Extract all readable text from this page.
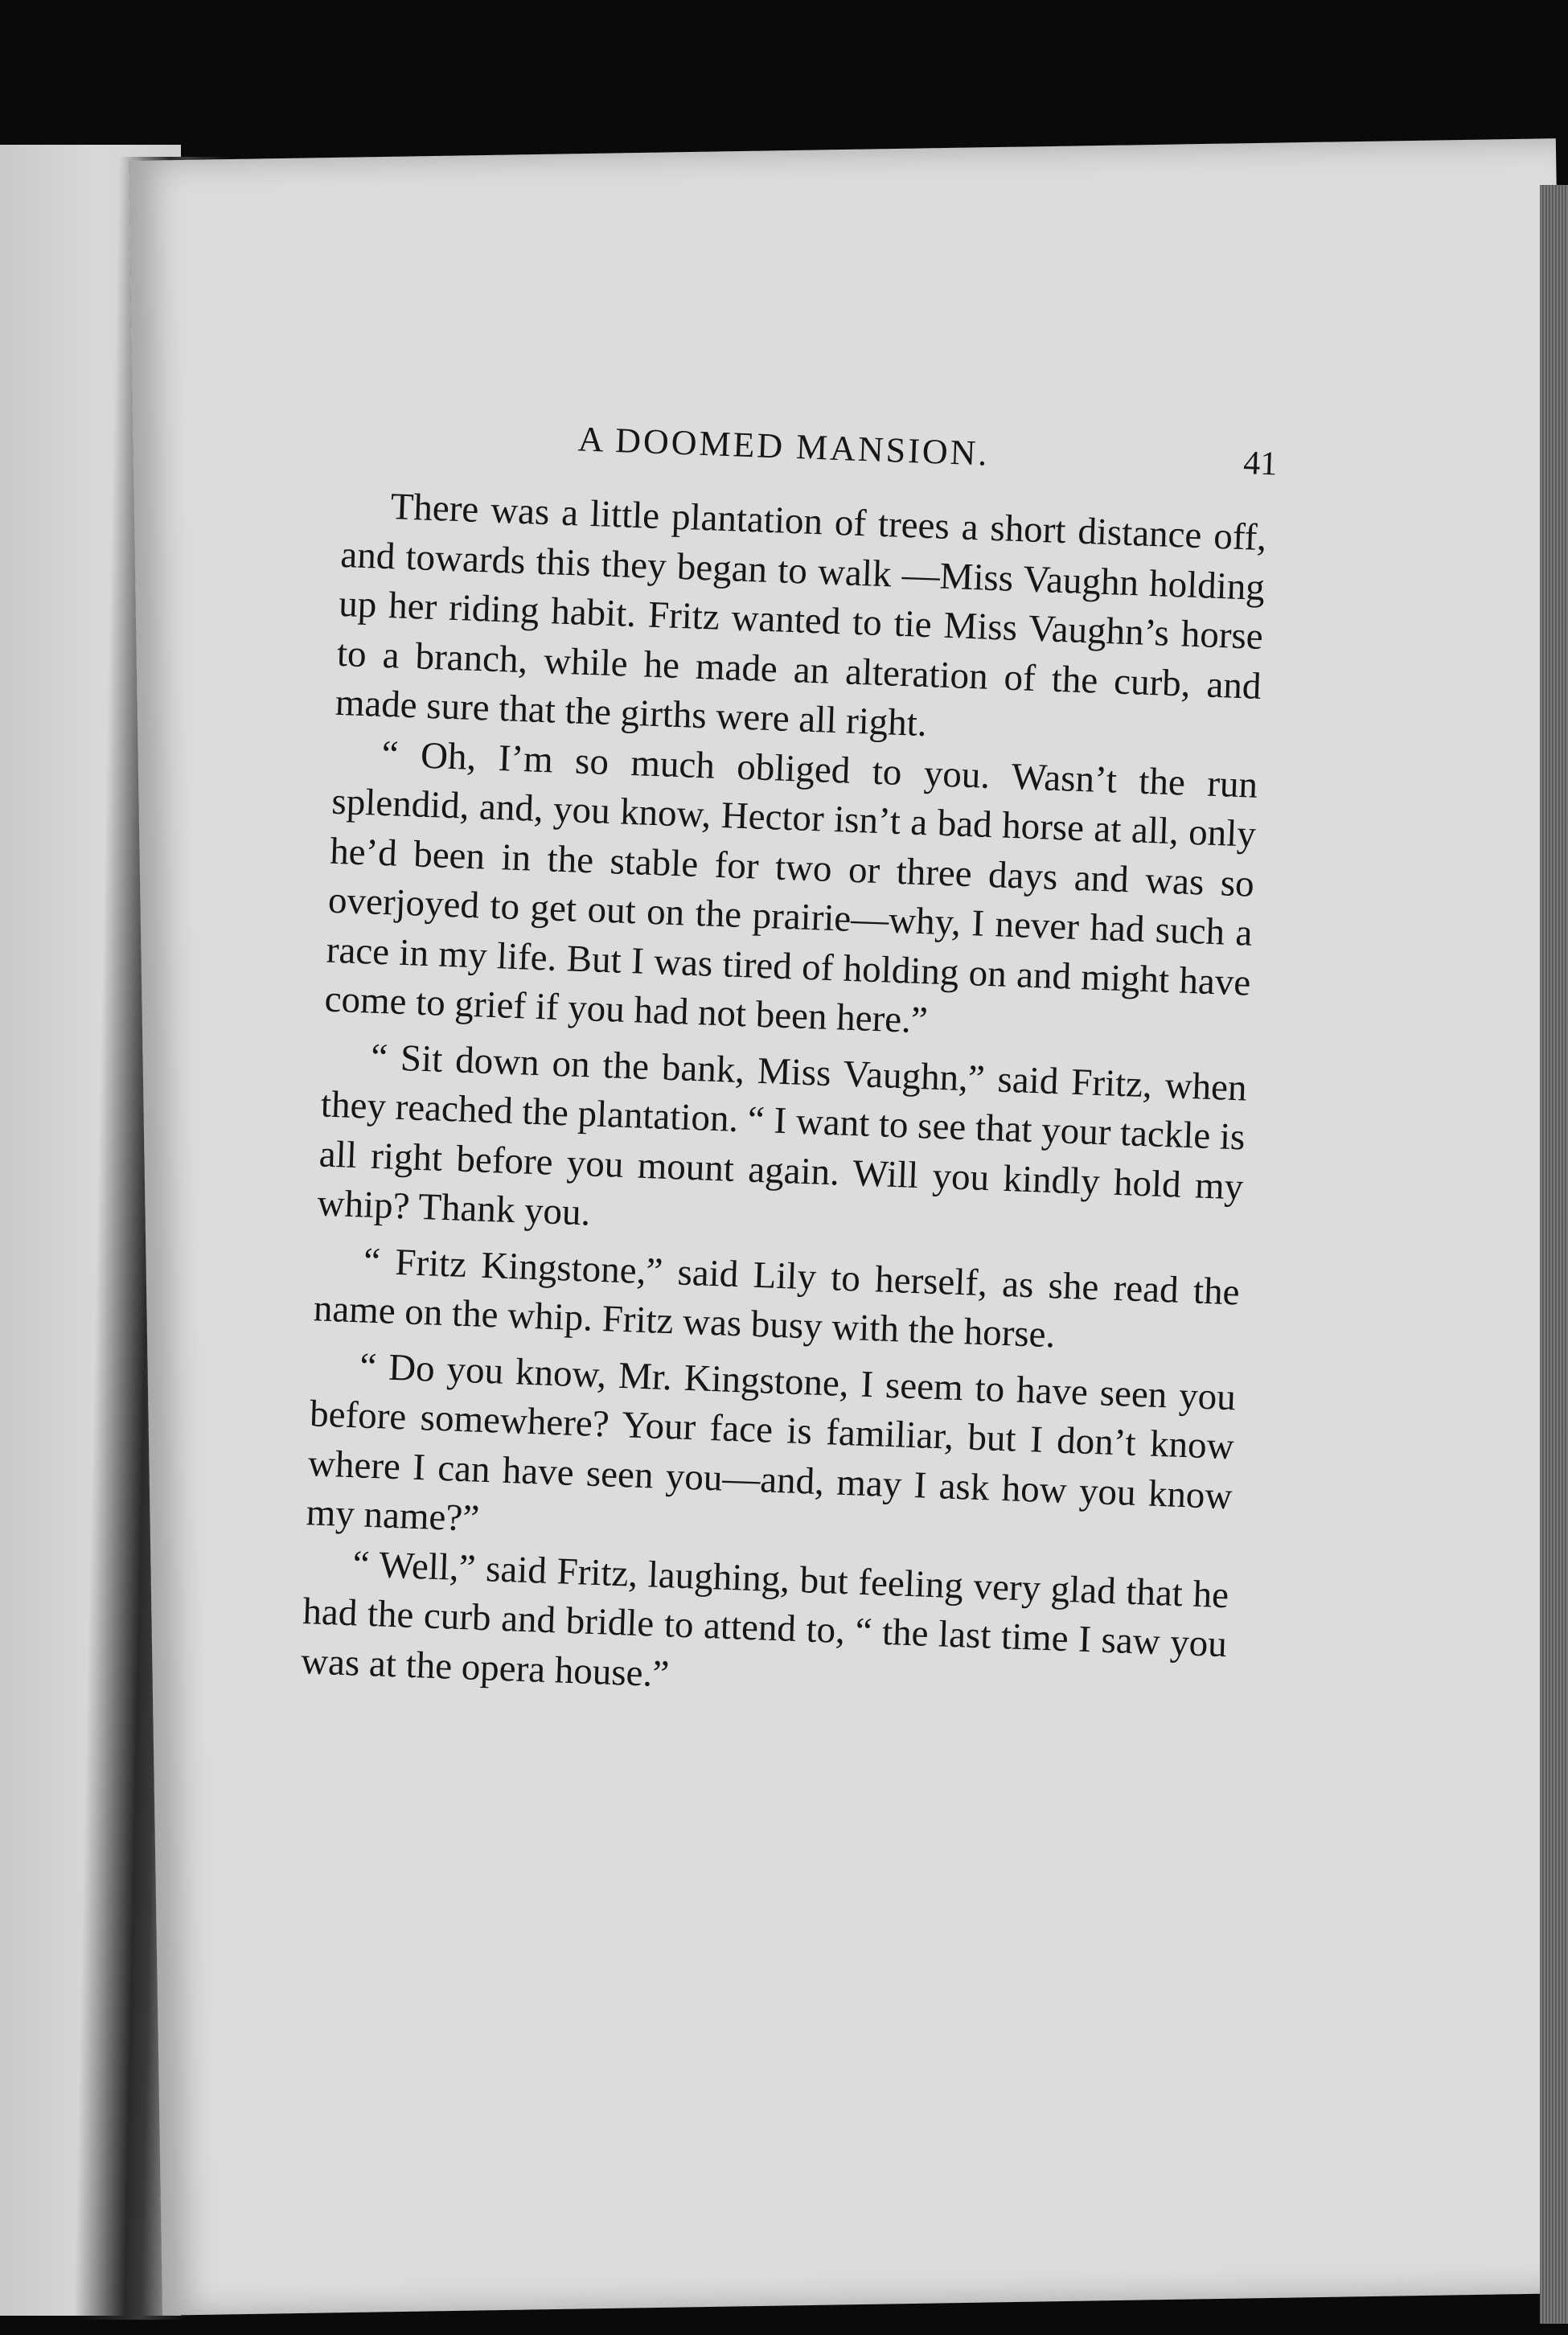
A DOOMED MANSION.	41

There was a little plantation of trees a short distance off, and towards this they began to walk —Miss Vaughn holding up her riding habit. Fritz wanted to tie Miss Vaughn’s horse to a branch, while he made an alteration of the curb, and made sure that the girths were all right.

“ Oh, I’m so much obliged to you. Wasn’t the run splendid, and, you know, Hector isn’t a bad horse at all, only he’d been in the stable for two or three days and was so overjoyed to get out on the prairie—why, I never had such a race in my life. But I was tired of holding on and might have come to grief if you had not been here.”

“ Sit down on the bank, Miss Vaughn,” said Fritz, when they reached the plantation. “ I want to see that your tackle is all right before you mount again. Will you kindly hold my whip? Thank you.

“ Fritz Kingstone,” said Lily to herself, as she read the name on the whip. Fritz was busy with the horse.

“ Do you know, Mr. Kingstone, I seem to have seen you before somewhere? Your face is familiar, but I don’t know where I can have seen you—and, may I ask how you know my name?”

“ Well,” said Fritz, laughing, but feeling very glad that he had the curb and bridle to attend to, “ the last time I saw you was at the opera house.”
